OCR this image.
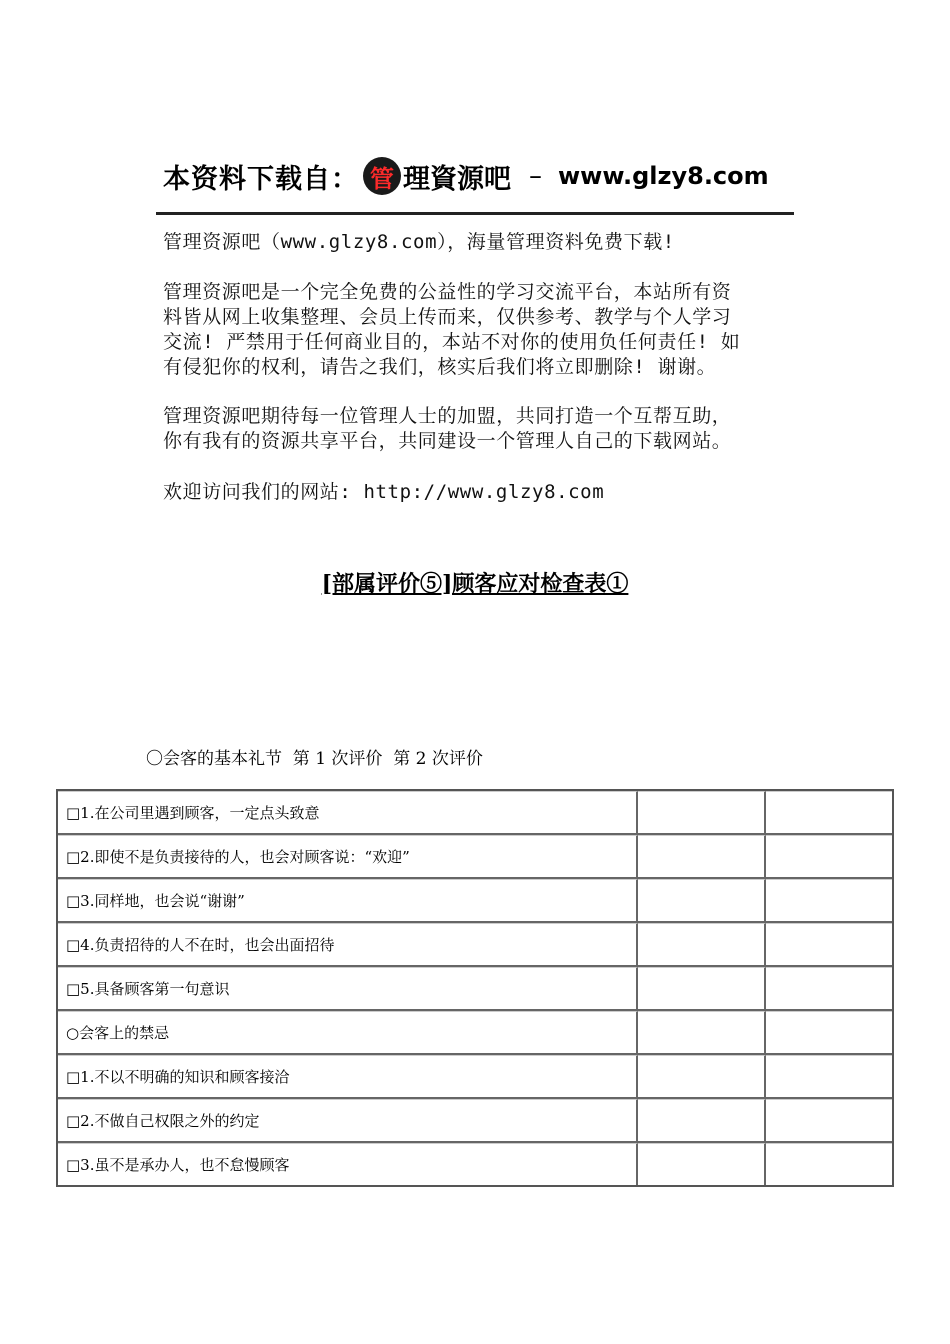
本资料下载自： 管 理資源吧 – www.glzy8.com

管理资源吧（www.glzy8.com），海量管理资料免费下载!

管理资源吧是一个完全免费的公益性的学习交流平台，本站所有资

料皆从网上收集整理、会员上传而来，仅供参考、教学与个人学习

交流! 严禁用于任何商业目的，本站不对你的使用负任何责任! 如

有侵犯你的权利，请告之我们，核实后我们将立即删除! 谢谢。

管理资源吧期待每一位管理人士的加盟，共同打造一个互帮互助，

你有我有的资源共享平台，共同建设一个管理人自己的下载网站。

欢迎访问我们的网站: http://www.glzy8.com

[部属评价⑤]顾客应对检查表①
〇会客的基本礼节  第 1 次评价  第 2 次评价
□1.在公司里遇到顾客，一定点头致意		
□2.即使不是负责接待的人，也会对顾客说：“欢迎”		
□3.同样地，也会说“谢谢”		
□4.负责招待的人不在时，也会出面招待		
□5.具备顾客第一句意识		
○会客上的禁忌		
□1.不以不明确的知识和顾客接洽		
□2.不做自己权限之外的约定		
□3.虽不是承办人，也不怠慢顾客		
